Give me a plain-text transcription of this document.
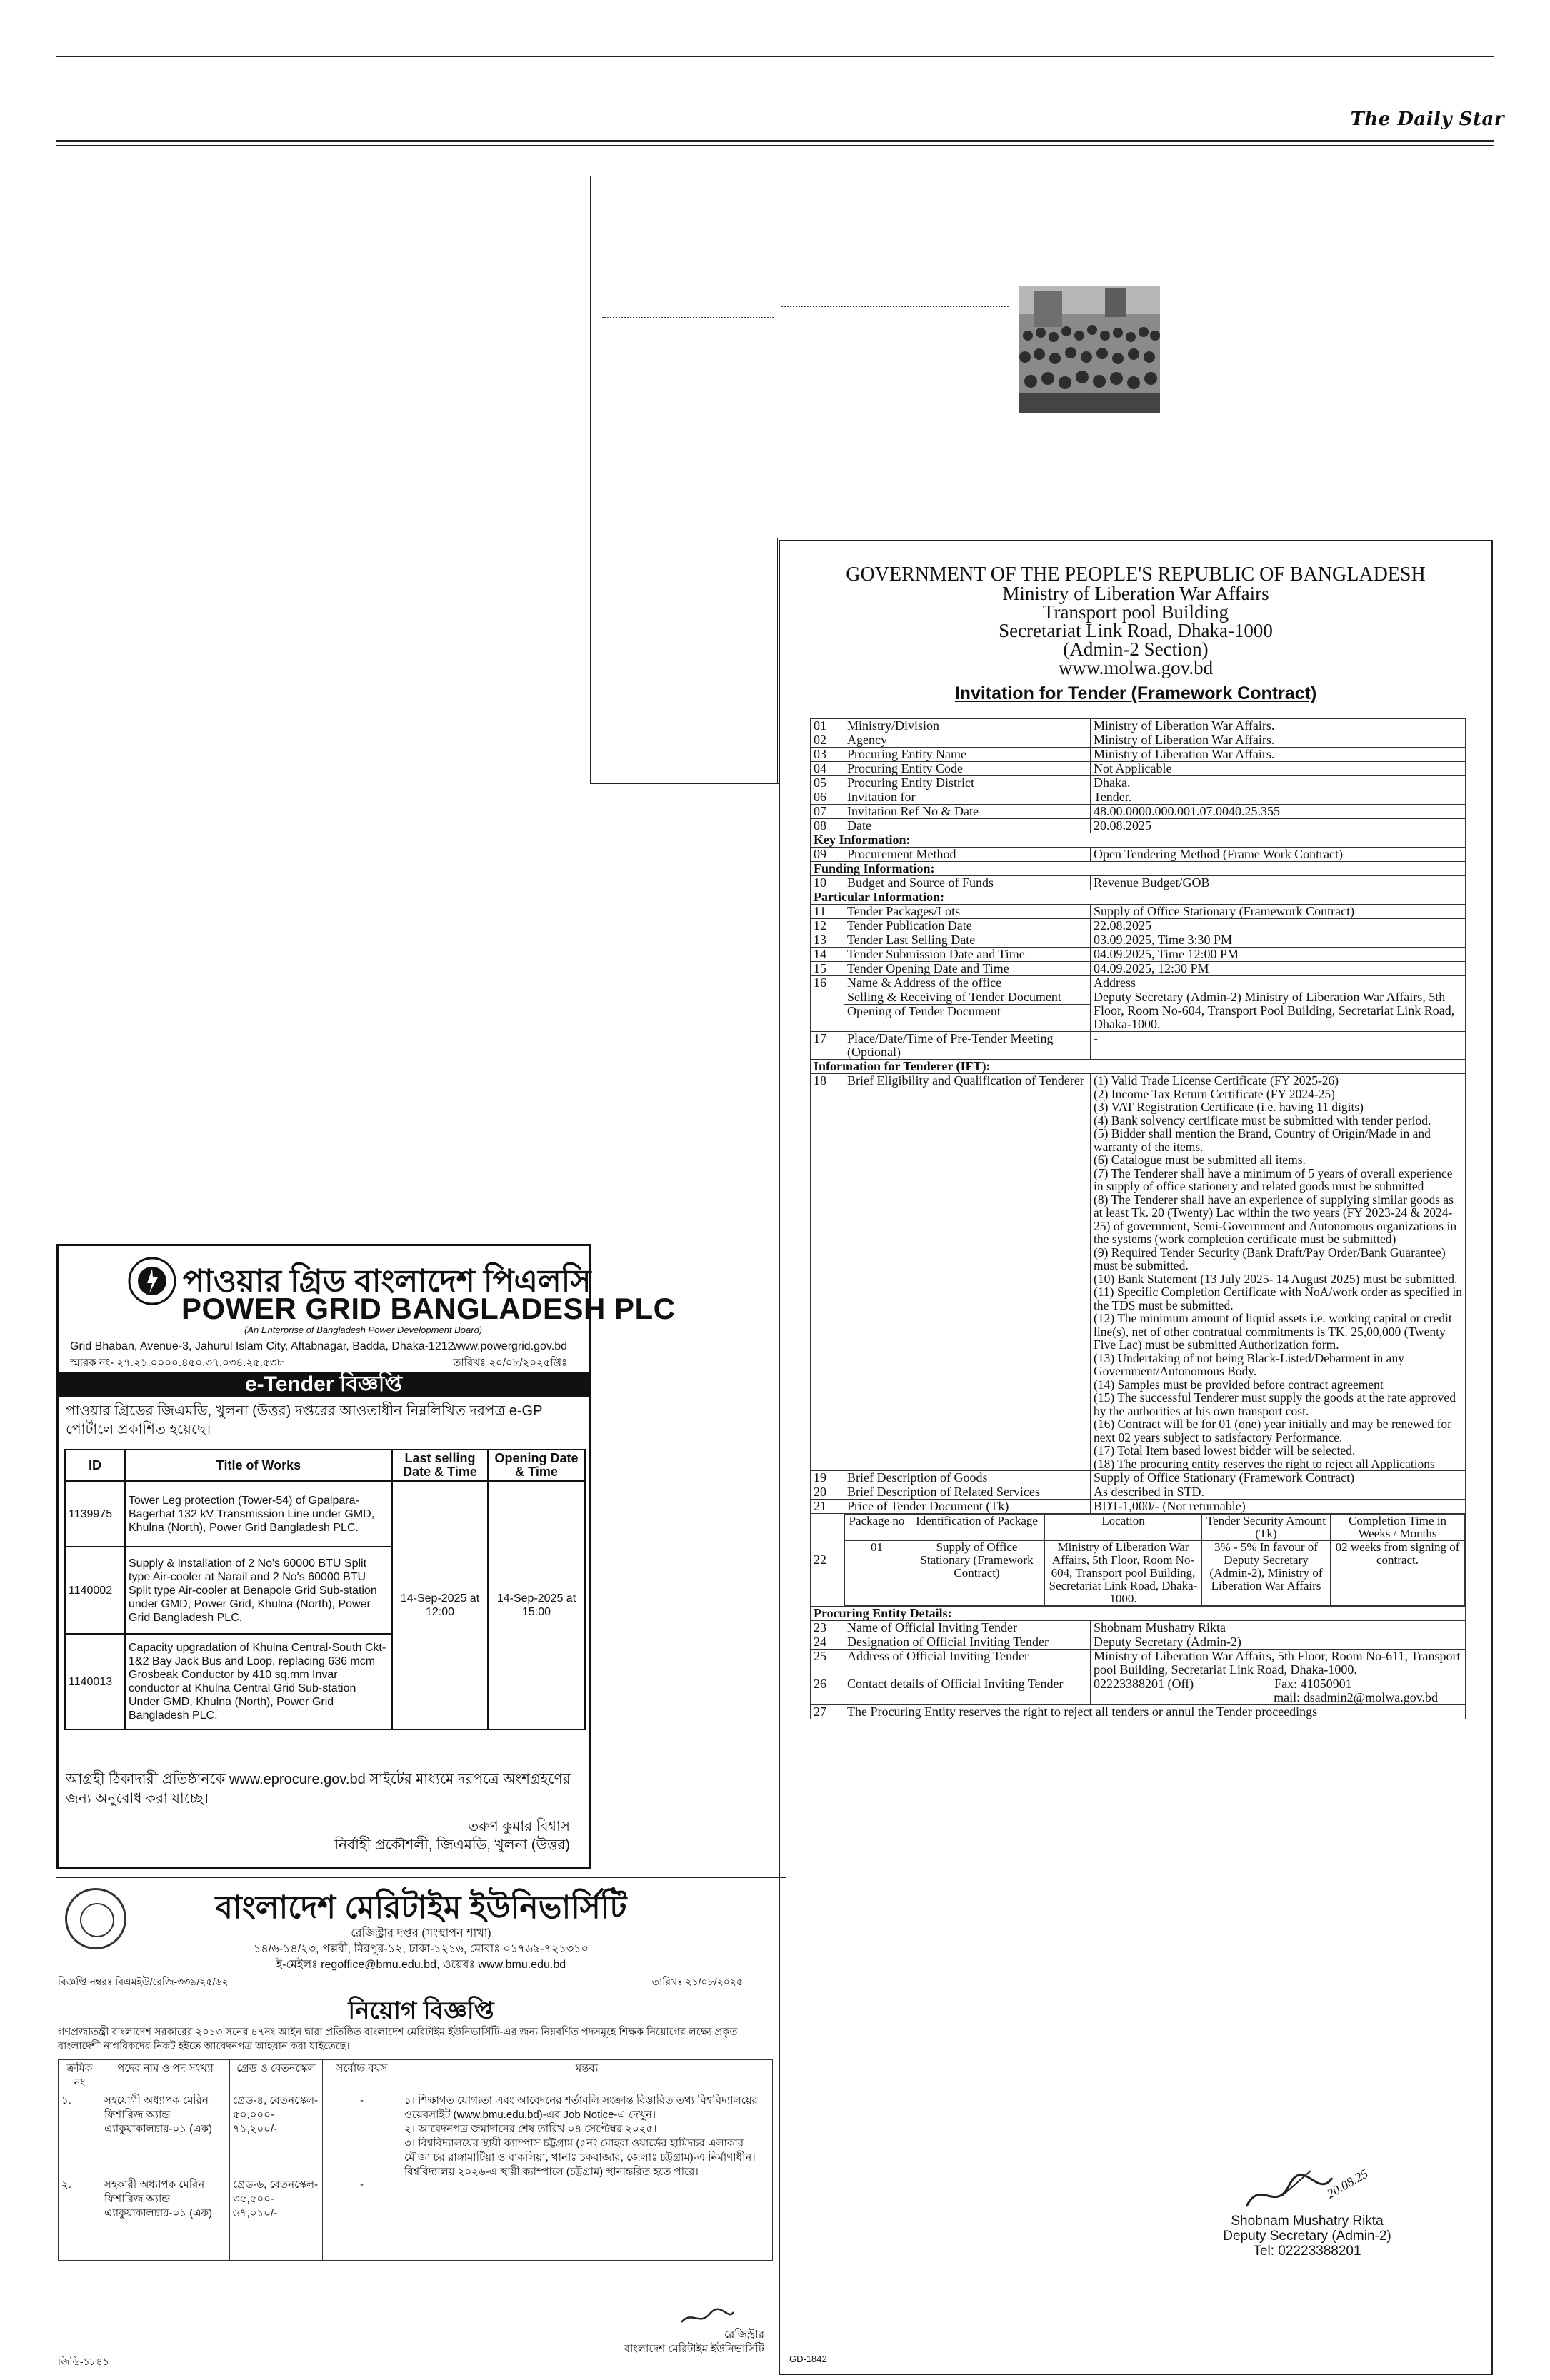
The Daily Star
GOVERNMENT OF THE PEOPLE'S REPUBLIC OF BANGLADESH
Ministry of Liberation War Affairs
Transport pool Building
Secretariat Link Road, Dhaka-1000
(Admin-2 Section)
www.molwa.gov.bd
Invitation for Tender (Framework Contract)
01	Ministry/Division	Ministry of Liberation War Affairs.
02	Agency	Ministry of Liberation War Affairs.
03	Procuring Entity Name	Ministry of Liberation War Affairs.
04	Procuring Entity Code	Not Applicable
05	Procuring Entity District	Dhaka.
06	Invitation for	Tender.
07	Invitation Ref No & Date	48.00.0000.000.001.07.0040.25.355
08	Date	20.08.2025
Key Information:
09	Procurement Method	Open Tendering Method (Frame Work Contract)
Funding Information:
10	Budget and Source of Funds	Revenue Budget/GOB
Particular Information:
11	Tender Packages/Lots	Supply of Office Stationary (Framework Contract)
12	Tender Publication Date	22.08.2025
13	Tender Last Selling Date	03.09.2025, Time 3:30 PM
14	Tender Submission Date and Time	04.09.2025, Time 12:00 PM
15	Tender Opening Date and Time	04.09.2025, 12:30 PM
16	Name & Address of the office	Address

Selling & Receiving of Tender Document
Opening of Tender Document
	Deputy Secretary (Admin-2) Ministry of Liberation War Affairs, 5th Floor, Room No-604, Transport Pool Building, Secretariat Link Road, Dhaka-1000.
17	Place/Date/Time of Pre-Tender Meeting (Optional)	-
Information for Tenderer (IFT):
18	Brief Eligibility and Qualification of Tenderer	(1) Valid Trade License Certificate (FY 2025-26)
(2) Income Tax Return Certificate (FY 2024-25)
(3) VAT Registration Certificate (i.e. having 11 digits)
(4) Bank solvency certificate must be submitted with tender period.
(5) Bidder shall mention the Brand, Country of Origin/Made in and warranty of the items.
(6) Catalogue must be submitted all items.
(7) The Tenderer shall have a minimum of 5 years of overall experience in supply of office stationery and related goods must be submitted
(8) The Tenderer shall have an experience of supplying similar goods as at least Tk. 20 (Twenty) Lac within the two years (FY 2023-24 & 2024-25) of government, Semi-Government and Autonomous organizations in the systems (work completion certificate must be submitted)
(9) Required Tender Security (Bank Draft/Pay Order/Bank Guarantee) must be submitted.
(10) Bank Statement (13 July 2025- 14 August 2025) must be submitted.
(11) Specific Completion Certificate with NoA/work order as specified in the TDS must be submitted.
(12) The minimum amount of liquid assets i.e. working capital or credit line(s), net of other contratual commitments is TK. 25,00,000 (Twenty Five Lac) must be submitted Authorization form.
(13) Undertaking of not being Black-Listed/Debarment in any Government/Autonomous Body.
(14) Samples must be provided before contract agreement
(15) The successful Tenderer must supply the goods at the rate approved by the authorities at his own transport cost.
(16) Contract will be for 01 (one) year initially and may be renewed for next 02 years subject to satisfactory Performance.
(17) Total Item based lowest bidder will be selected.
(18) The procuring entity reserves the right to reject all Applications

19	Brief Description of Goods	Supply of Office Stationary (Framework Contract)
20	Brief Description of Related Services	As described in STD.
21	Price of Tender Document (Tk)	BDT-1,000/- (Not returnable)
22	
Package no	Identification of Package	Location	Tender Security Amount (Tk)	Completion Time in Weeks / Months
01	Supply of Office Stationary (Framework Contract)	Ministry of Liberation War Affairs, 5th Floor, Room No-604, Transport pool Building, Secretariat Link Road, Dhaka-1000.	3% - 5% In favour of Deputy Secretary (Admin-2), Ministry of Liberation War Affairs	02 weeks from signing of contract.

Procuring Entity Details:
23	Name of Official Inviting Tender	Shobnam Mushatry Rikta
24	Designation of Official Inviting Tender	Deputy Secretary (Admin-2)
25	Address of Official Inviting Tender	Ministry of Liberation War Affairs, 5th Floor, Room No-611, Transport pool Building, Secretariat Link Road, Dhaka-1000.
26	Contact details of Official Inviting Tender	02223388201 (Off)	Fax: 41050901
mail: dsadmin2@molwa.gov.bd
27	The Procuring Entity reserves the right to reject all tenders or annul the Tender proceedings
20.08.25
Shobnam Mushatry Rikta
Deputy Secretary (Admin-2)
Tel: 02223388201
GD-1842
পাওয়ার গ্রিড বাংলাদেশ পিএলসি
POWER GRID BANGLADESH PLC
(An Enterprise of Bangladesh Power Development Board)
Grid Bhaban, Avenue-3, Jahurul Islam City, Aftabnagar, Badda, Dhaka-1212
www.powergrid.gov.bd
স্মারক নং- ২৭.২১.০০০০.৪৫০.৩৭.০৩৪.২৫.৫৩৮	তারিখঃ ২০/০৮/২০২৫খ্রিঃ
e-Tender বিজ্ঞপ্তি
পাওয়ার গ্রিডের জিএমডি, খুলনা (উত্তর) দপ্তরের আওতাধীন নিম্নলিখিত দরপত্র e-GP পোর্টালে প্রকাশিত হয়েছে।
ID	Title of Works	Last selling Date & Time	Opening Date & Time
1139975	Tower Leg protection (Tower-54) of Gpalpara-Bagerhat 132 kV Transmission Line under GMD, Khulna (North), Power Grid Bangladesh PLC.	14-Sep-2025 at 12:00	14-Sep-2025 at 15:00
1140002	Supply & Installation of 2 No's 60000 BTU Split type Air-cooler at Narail and 2 No's 60000 BTU Split type Air-cooler at Benapole Grid Sub-station under GMD, Power Grid, Khulna (North), Power Grid Bangladesh PLC.		
1140013	Capacity upgradation of Khulna Central-South Ckt-1&2 Bay Jack Bus and Loop, replacing 636 mcm Grosbeak Conductor by 410 sq.mm Invar conductor at Khulna Central Grid Sub-station Under GMD, Khulna (North), Power Grid Bangladesh PLC.		
আগ্রহী ঠিকাদারী প্রতিষ্ঠানকে www.eprocure.gov.bd সাইটের মাধ্যমে দরপত্রে অংশগ্রহণের জন্য অনুরোধ করা যাচ্ছে।
তরুণ কুমার বিশ্বাস
নির্বাহী প্রকৌশলী, জিএমডি, খুলনা (উত্তর)
বাংলাদেশ মেরিটাইম ইউনিভার্সিটি
রেজিস্ট্রার দপ্তর (সংস্থাপন শাখা)
১৪/৬-১৪/২৩, পল্লবী, মিরপুর-১২, ঢাকা-১২১৬, মোবাঃ ০১৭৬৯-৭২১৩১০
ই-মেইলঃ regoffice@bmu.edu.bd, ওয়েবঃ www.bmu.edu.bd
বিজ্ঞপ্তি নম্বরঃ বিএমইউ/রেজি-৩৩৯/২৫/৬২	তারিখঃ ২১/০৮/২০২৫
নিয়োগ বিজ্ঞপ্তি
গণপ্রজাতন্ত্রী বাংলাদেশ সরকারের ২০১৩ সনের ৪৭নং আইন দ্বারা প্রতিষ্ঠিত বাংলাদেশ মেরিটাইম ইউনিভার্সিটি-এর জন্য নিম্নবর্ণিত পদসমূহে শিক্ষক নিয়োগের লক্ষ্যে প্রকৃত বাংলাদেশী নাগরিকদের নিকট হইতে আবেদনপত্র আহবান করা যাইতেছে।
ক্রমিক নং	পদের নাম ও পদ সংখ্যা	গ্রেড ও বেতনস্কেল	সর্বোচ্চ বয়স	মন্তব্য
১.	সহযোগী অধ্যাপক মেরিন ফিশারিজ অ্যান্ড এ্যাকুয়াকালচার-০১ (এক)	গ্রেড-৪, বেতনস্কেল- ৫০,০০০- ৭১,২০০/-	-	১। শিক্ষাগত যোগ্যতা এবং আবেদনের শর্তাবলি সংক্রান্ত বিস্তারিত তথ্য বিশ্ববিদ্যালয়ের ওয়েবসাইট (www.bmu.edu.bd)-এর Job Notice-এ দেখুন।
২। আবেদনপত্র জমাদানের শেষ তারিখ ০৪ সেপ্টেম্বর ২০২৫।
৩। বিশ্ববিদ্যালয়ের স্থায়ী ক্যাম্পাস চট্টগ্রাম (৫নং মোহরা ওয়ার্ডের হামিদচর এলাকার মৌজা চর রাঙ্গামাটিয়া ও বাকলিয়া, থানাঃ চকবাজার, জেলাঃ চট্টগ্রাম)-এ নির্মাণাধীন। বিশ্ববিদ্যালয় ২০২৬-এ স্থায়ী ক্যাম্পাসে (চট্টগ্রাম) স্থানান্তরিত হতে পারে।

২.	সহকারী অধ্যাপক মেরিন ফিশারিজ অ্যান্ড এ্যাকুয়াকালচার-০১ (এক)	গ্রেড-৬, বেতনস্কেল- ৩৫,৫০০- ৬৭,০১০/-	-	
রেজিস্ট্রার
বাংলাদেশ মেরিটাইম ইউনিভার্সিটি
জিডি-১৮৪১
